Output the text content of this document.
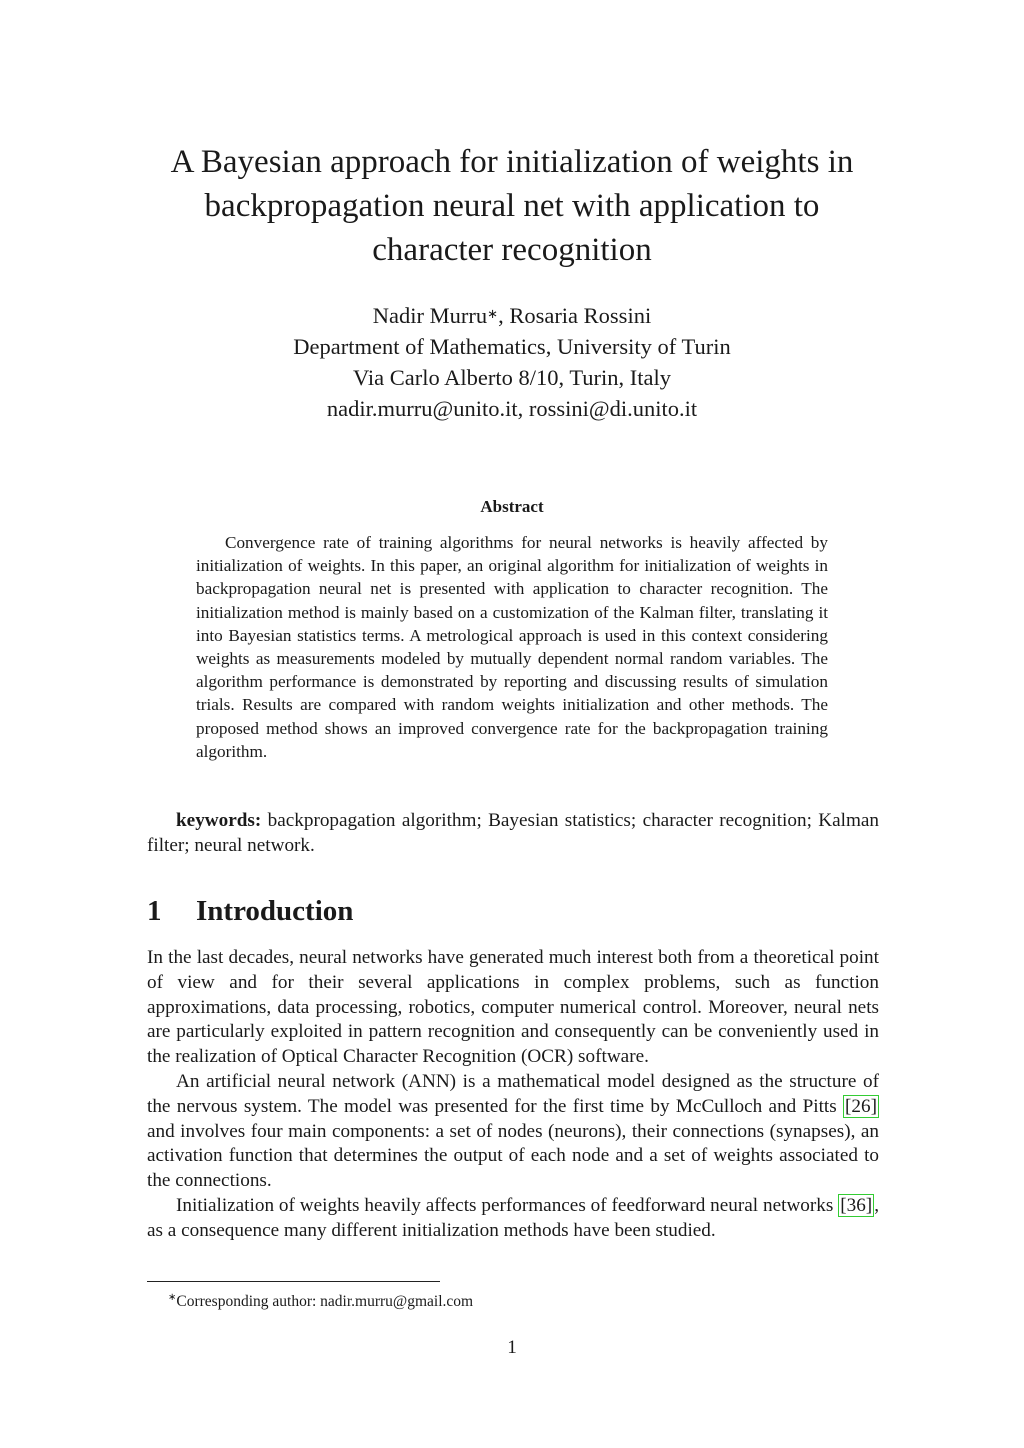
A Bayesian approach for initialization of weights in
backpropagation neural net with application to
character recognition
Nadir Murru∗, Rosaria Rossini
Department of Mathematics, University of Turin
Via Carlo Alberto 8/10, Turin, Italy
nadir.murru@unito.it, rossini@di.unito.it
Abstract
Convergence rate of training algorithms for neural networks is heavily affected by initialization of weights. In this paper, an original algorithm for initialization of weights in backpropagation neural net is presented with application to character recognition. The initialization method is mainly based on a customization of the Kalman filter, translating it into Bayesian statistics terms. A metrological approach is used in this context considering weights as measurements modeled by mutually dependent normal random variables. The algorithm performance is demonstrated by reporting and discussing results of simulation trials. Results are compared with random weights initialization and other methods. The proposed method shows an improved convergence rate for the backpropagation training algorithm.
keywords: backpropagation algorithm; Bayesian statistics; character recognition; Kalman filter; neural network.
1 Introduction

In the last decades, neural networks have generated much interest both from a theoretical point of view and for their several applications in complex problems, such as function approximations, data processing, robotics, computer numerical control. Moreover, neural nets are particularly exploited in pattern recognition and consequently can be conveniently used in the realization of Optical Character Recognition (OCR) software.

An artificial neural network (ANN) is a mathematical model designed as the structure of the nervous system. The model was presented for the first time by McCulloch and Pitts [26] and involves four main components: a set of nodes (neurons), their connections (synapses), an activation function that determines the output of each node and a set of weights associated to the connections.

Initialization of weights heavily affects performances of feedforward neural networks [36] , as a consequence many different initialization methods have been studied.

∗Corresponding author: nadir.murru@gmail.com
1
